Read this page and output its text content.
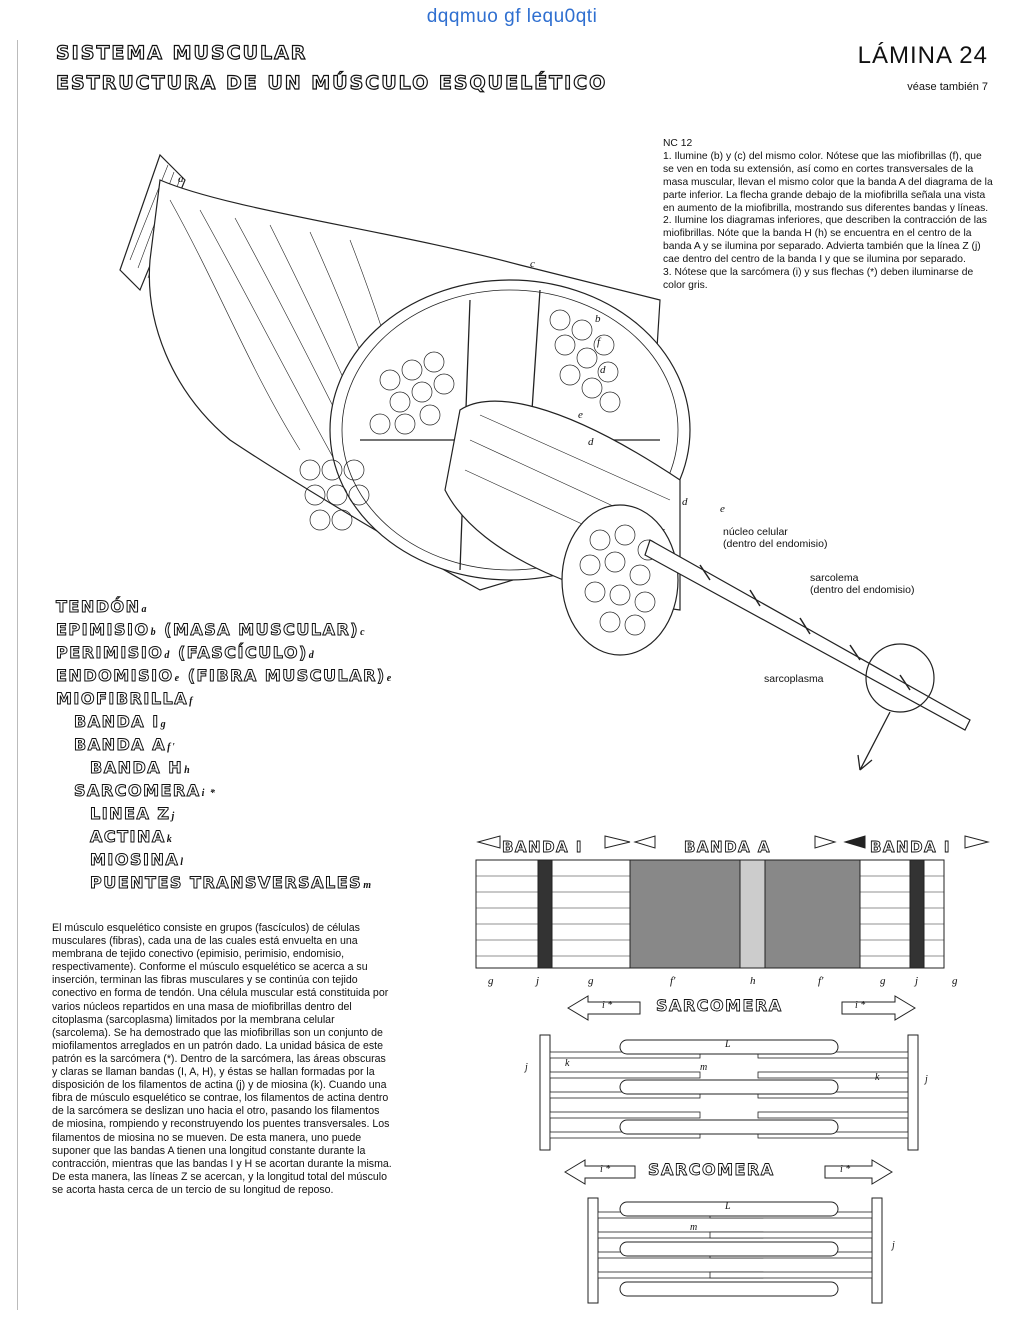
dqqmuo gf lequ0qti
SISTEMA MUSCULAR
ESTRUCTURA DE UN MÚSCULO ESQUELÉTICO
LÁMINA 24
véase también 7
a
c
b
f
d
e
d
d
e
núcleo celular
(dentro del endomisio)
sarcolema
(dentro del endomisio)
sarcoplasma

NC 12

1. Ilumine (b) y (c) del mismo color. Nótese que las miofibrillas (f), que se ven en toda su extensión, así como en cortes transversales de la masa muscular, llevan el mismo color que la banda A del diagrama de la parte inferior. La flecha grande debajo de la miofibrilla señala una vista en aumento de la miofibrilla, mostrando sus diferentes bandas y líneas.

2. Ilumine los diagramas inferiores, que describen la contracción de las miofibrillas. Nóte que la banda H (h) se encuentra en el centro de la banda A y se ilumina por separado. Advierta también que la línea Z (j) cae dentro del centro de la banda I y que se ilumina por separado.

3. Nótese que la sarcómera (i) y sus flechas (*) deben iluminarse de color gris.

TENDÓNa
EPIMISIOb (MASA MUSCULAR)c
PERIMISIOd (FASCÍCULO)d
ENDOMISIOe (FIBRA MUSCULAR)e
MIOFIBRILLAf
BANDA Ig
BANDA Af'
BANDA Hh
SARCOMERAi *
LINEA Zj
ACTINAk
MIOSINAl
PUENTES TRANSVERSALESm
El músculo esquelético consiste en grupos (fascículos) de células musculares (fibras), cada una de las cuales está envuelta en una membrana de tejido conectivo (epimisio, perimisio, endomisio, respectivamente). Conforme el músculo esquelético se acerca a su inserción, terminan las fibras musculares y se continúa con tejido conectivo en forma de tendón. Una célula muscular está constituida por varios núcleos repartidos en una masa de miofibrillas dentro del citoplasma (sarcoplasma) limitados por la membrana celular (sarcolema). Se ha demostrado que las miofibrillas son un conjunto de miofilamentos arreglados en un patrón dado. La unidad básica de este patrón es la sarcómera (*). Dentro de la sarcómera, las áreas obscuras y claras se llaman bandas (I, A, H), y éstas se hallan formadas por la disposición de los filamentos de actina (j) y de miosina (k). Cuando una fibra de músculo esquelético se contrae, los filamentos de actina dentro de la sarcómera se deslizan uno hacia el otro, pasando los filamentos de miosina, rompiendo y reconstruyendo los puentes transversales. Los filamentos de miosina no se mueven. De esta manera, uno puede suponer que las bandas A tienen una longitud constante durante la contracción, mientras que las bandas I y H se acortan durante la misma. De esta manera, las líneas Z se acercan, y la longitud total del músculo se acorta hasta cerca de un tercio de su longitud de reposo.
BANDA I	BANDA A	BANDA I
g	j	g	f'	h	f'	g	j	g
SARCOMERA
SARCOMERA
j
j
k
k
L
m
i *	i *
i *	i *
j
L
m
